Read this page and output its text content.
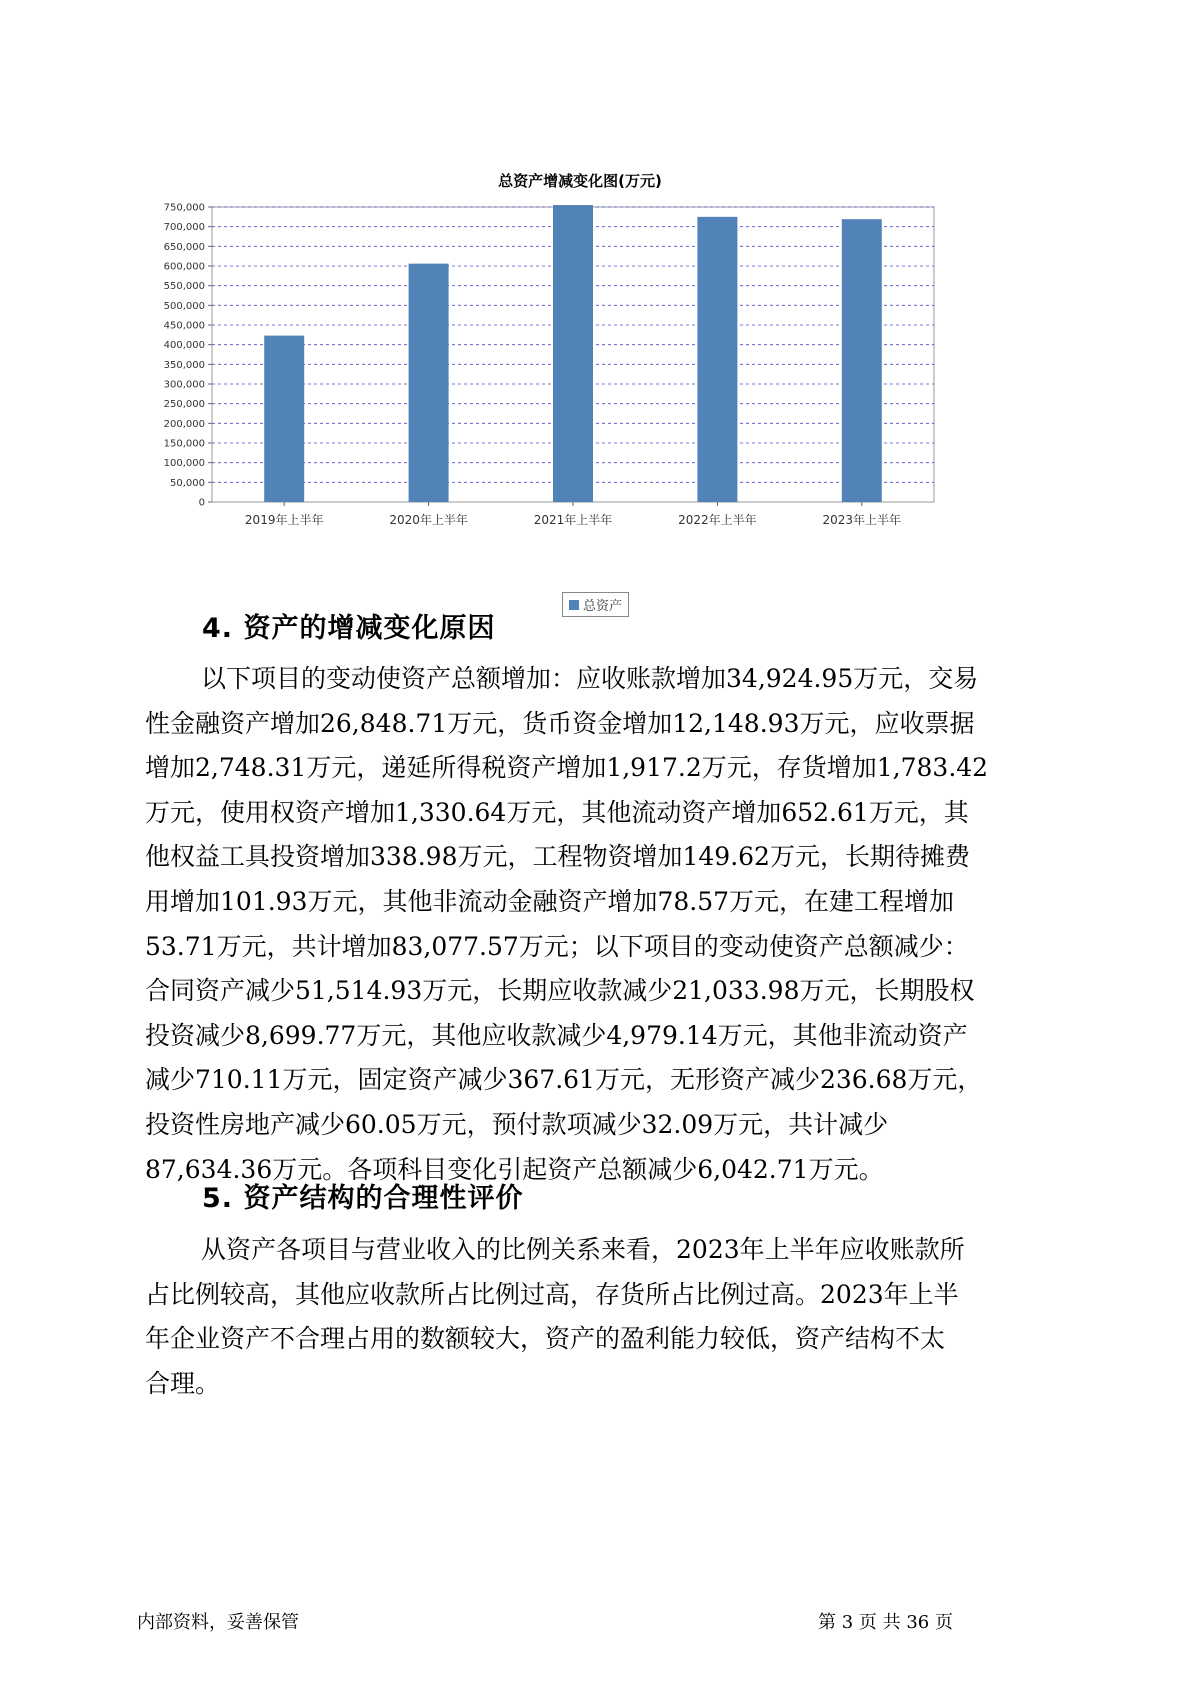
总资产增减变化图(万元)
0
50,000
100,000
150,000
200,000
250,000
300,000
350,000
400,000
450,000
500,000
550,000
600,000
650,000
700,000
750,000
2019年上半年	2020年上半年	2021年上半年	2022年上半年	2023年上半年
总资产
4. 资产的增减变化原因
以下项目的变动使资产总额增加：应收账款增加34,924.95万元，交易
性金融资产增加26,848.71万元，货币资金增加12,148.93万元，应收票据
增加2,748.31万元，递延所得税资产增加1,917.2万元，存货增加1,783.42
万元，使用权资产增加1,330.64万元，其他流动资产增加652.61万元，其
他权益工具投资增加338.98万元，工程物资增加149.62万元，长期待摊费
用增加101.93万元，其他非流动金融资产增加78.57万元，在建工程增加
53.71万元，共计增加83,077.57万元；以下项目的变动使资产总额减少：
合同资产减少51,514.93万元，长期应收款减少21,033.98万元，长期股权
投资减少8,699.77万元，其他应收款减少4,979.14万元，其他非流动资产
减少710.11万元，固定资产减少367.61万元，无形资产减少236.68万元，
投资性房地产减少60.05万元，预付款项减少32.09万元，共计减少
87,634.36万元。各项科目变化引起资产总额减少6,042.71万元。
5. 资产结构的合理性评价
从资产各项目与营业收入的比例关系来看，2023年上半年应收账款所
占比例较高，其他应收款所占比例过高，存货所占比例过高。2023年上半
年企业资产不合理占用的数额较大，资产的盈利能力较低，资产结构不太
合理。
内部资料，妥善保管	第 3 页 共 36 页
